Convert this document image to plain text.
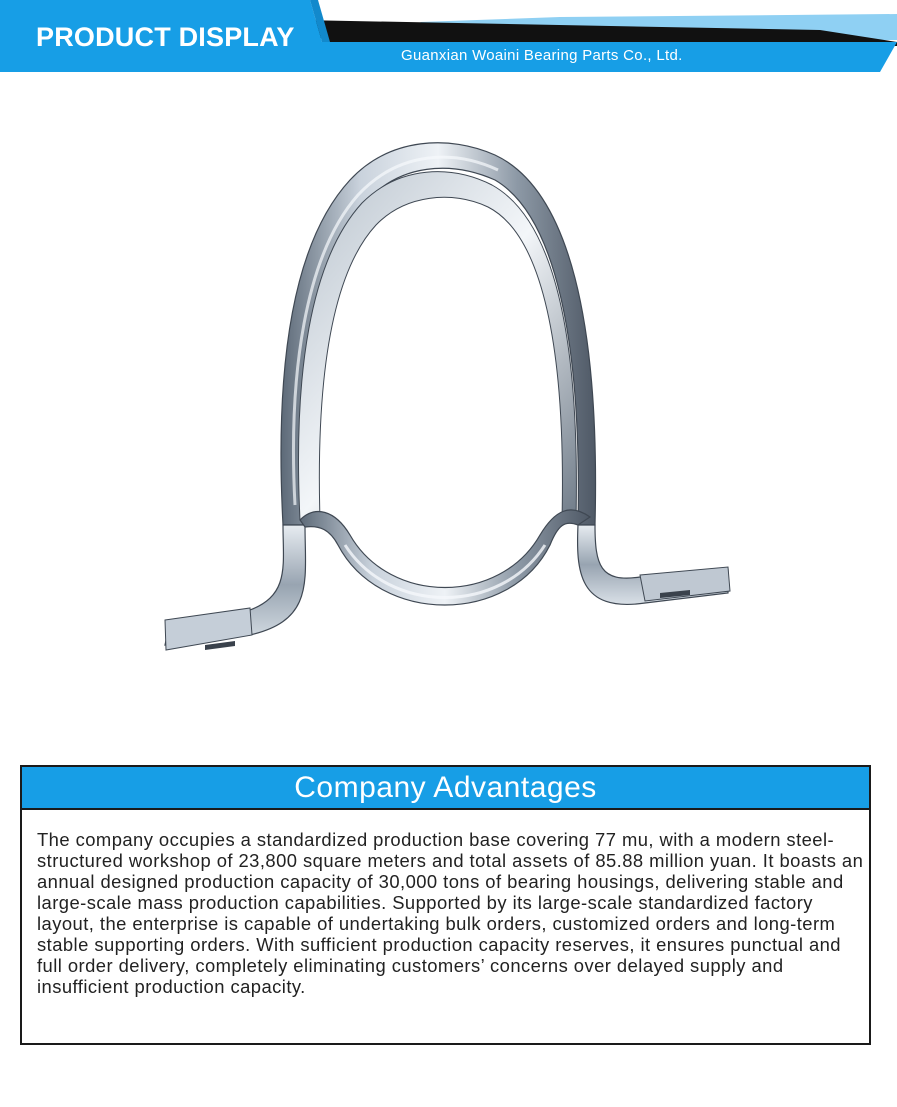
PRODUCT DISPLAY
Guanxian Woaini Bearing Parts Co., Ltd.
Company Advantages

The company occupies a standardized production base covering 77 mu, with a modern steel-structured workshop of 23,800 square meters and total assets of 85.88 million yuan. It boasts an annual designed production capacity of 30,000 tons of bearing housings, delivering stable and large-scale mass production capabilities. Supported by its large-scale standardized factory layout, the enterprise is capable of undertaking bulk orders, customized orders and long-term stable supporting orders. With sufficient production capacity reserves, it ensures punctual and full order delivery, completely eliminating customers’ concerns over delayed supply and insufficient production capacity.
